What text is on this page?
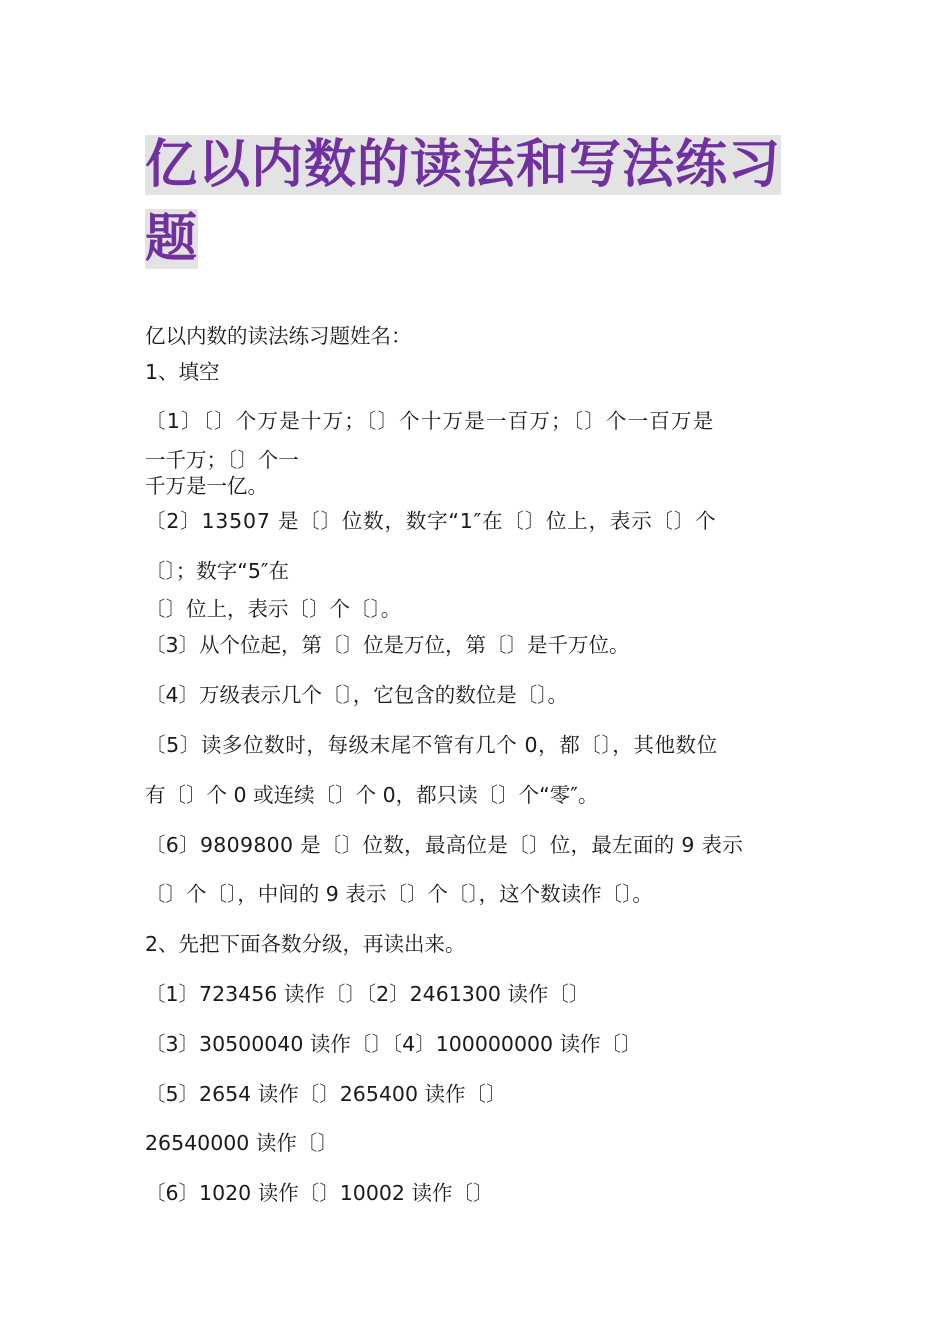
亿以内数的读法和写法练习题

亿以内数的读法练习题姓名：

1、填空

〔1〕〔〕个万是十万；〔〕个十万是一百万；〔〕个一百万是

一千万；〔〕个一

千万是一亿。

〔2〕13507 是〔〕位数，数字“1″在〔〕位上，表示〔〕个

〔〕；数字“5″在

〔〕位上，表示〔〕个〔〕。

〔3〕从个位起，第〔〕位是万位，第〔〕是千万位。

〔4〕万级表示几个〔〕，它包含的数位是〔〕。

〔5〕读多位数时，每级末尾不管有几个 0，都〔〕，其他数位

有〔〕个 0 或连续〔〕个 0，都只读〔〕个“零″。

〔6〕9809800 是〔〕位数，最高位是〔〕位，最左面的 9 表示

〔〕个〔〕，中间的 9 表示〔〕个〔〕，这个数读作〔〕。

2、先把下面各数分级，再读出来。

〔1〕723456 读作〔〕〔2〕2461300 读作〔〕

〔3〕30500040 读作〔〕〔4〕100000000 读作〔〕

〔5〕2654 读作〔〕265400 读作〔〕

26540000 读作〔〕

〔6〕1020 读作〔〕10002 读作〔〕
